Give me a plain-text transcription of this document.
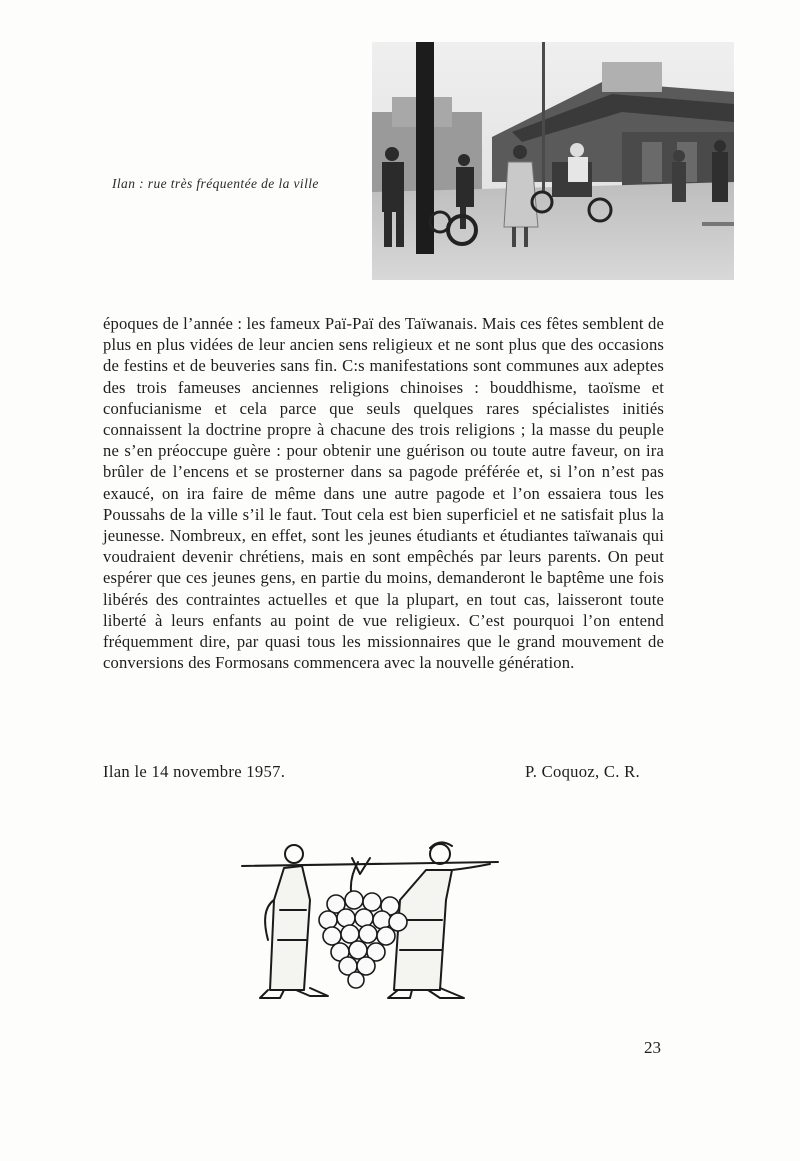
Ilan : rue très fréquentée de la ville

époques de l’année : les fameux Paï-Paï des Taïwanais. Mais ces fêtes semblent de plus en plus vidées de leur ancien sens religieux et ne sont plus que des occasions de festins et de beuveries sans fin. C:s manifestations sont communes aux adeptes des trois fameuses anciennes religions chinoises : bouddhisme, taoïsme et confucianisme et cela parce que seuls quelques rares spécialistes initiés connaissent la doctrine propre à chacune des trois religions ; la masse du peuple ne s’en préoccupe guère : pour obtenir une guérison ou toute autre faveur, on ira brûler de l’encens et se prosterner dans sa pagode préférée et, si l’on n’est pas exaucé, on ira faire de même dans une autre pagode et l’on essaiera tous les Poussahs de la ville s’il le faut. Tout cela est bien superficiel et ne satisfait plus la jeunesse. Nombreux, en effet, sont les jeunes étudiants et étudiantes taïwanais qui voudraient devenir chrétiens, mais en sont empêchés par leurs parents. On peut espérer que ces jeunes gens, en partie du moins, demanderont le baptême une fois libérés des contraintes actuelles et que la plupart, en tout cas, laisseront toute liberté à leurs enfants au point de vue religieux. C’est pourquoi l’on entend fréquemment dire, par quasi tous les missionnaires que le grand mouvement de conversions des Formosans commencera avec la nouvelle génération.

Ilan le 14 novembre 1957.	P. Coquoz, C. R.
23
